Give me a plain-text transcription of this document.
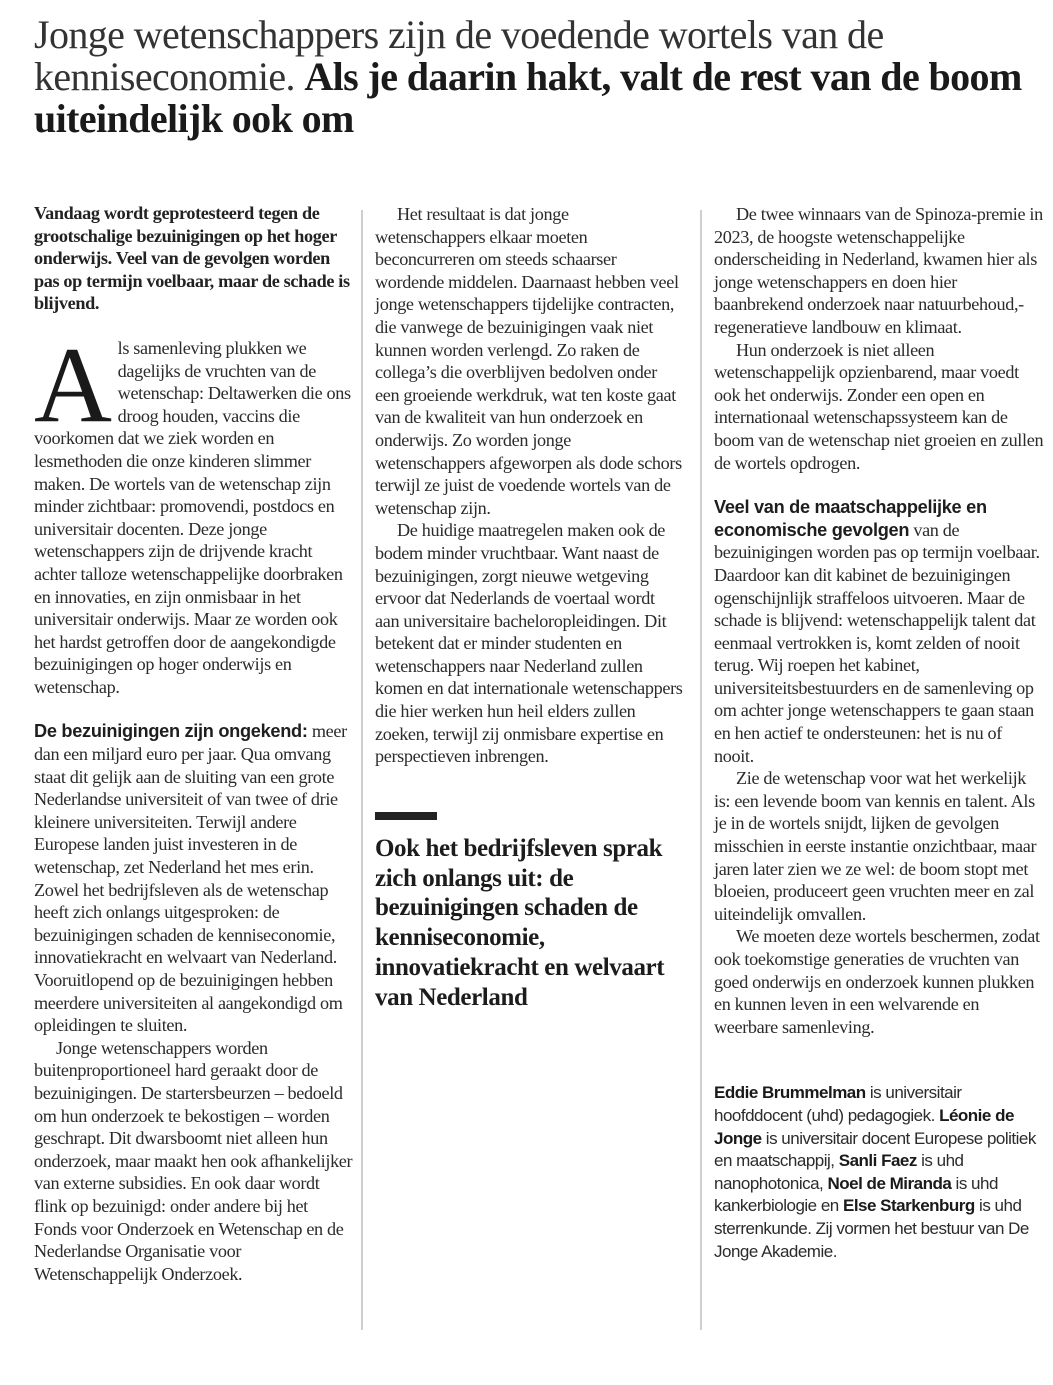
Jonge wetenschappers zijn de voedende wortels van de kenniseconomie. Als je daarin hakt, valt de rest van de boom uiteindelijk ook om

Vandaag wordt geprotesteerd tegen de grootschalige bezuinigingen op het hoger onderwijs. Veel van de gevolgen worden pas op termijn voelbaar, maar de schade is blijvend.

Als samenleving plukken we dagelijks de vruchten van de wetenschap: Deltawerken die ons droog houden, vaccins die voorkomen dat we ziek worden en lesmethoden die onze kinderen slimmer maken. De wortels van de wetenschap zijn minder zichtbaar: promovendi, postdocs en universitair docenten. Deze jonge wetenschappers zijn de drijvende kracht achter talloze wetenschappelijke doorbraken en innovaties, en zijn onmisbaar in het universitair onderwijs. Maar ze worden ook het hardst getroffen door de aangekondigde bezuinigingen op hoger onderwijs en wetenschap.

De bezuinigingen zijn ongekend: meer dan een miljard euro per jaar. Qua omvang staat dit gelijk aan de sluiting van een grote Nederlandse universiteit of van twee of drie kleinere universiteiten. Terwijl andere Europese landen juist investeren in de wetenschap, zet Nederland het mes erin. Zowel het bedrijfsleven als de wetenschap heeft zich onlangs uitgesproken: de bezuinigingen schaden de kenniseconomie, innovatiekracht en welvaart van Nederland. Vooruitlopend op de bezuinigingen hebben meerdere universiteiten al aangekondigd om opleidingen te sluiten.

Jonge wetenschappers worden buitenproportioneel hard geraakt door de bezuinigingen. De startersbeurzen – bedoeld om hun onderzoek te bekostigen – worden geschrapt. Dit dwarsboomt niet alleen hun onderzoek, maar maakt hen ook afhankelijker van externe subsidies. En ook daar wordt flink op bezuinigd: onder andere bij het Fonds voor Onderzoek en Wetenschap en de Nederlandse Organisatie voor Wetenschappelijk Onderzoek.

Het resultaat is dat jonge wetenschappers elkaar moeten beconcurreren om steeds schaarser wordende middelen. Daarnaast hebben veel jonge wetenschappers tijdelijke contracten, die vanwege de bezuinigingen vaak niet kunnen worden verlengd. Zo raken de collega’s die overblijven bedolven onder een groeiende werkdruk, wat ten koste gaat van de kwaliteit van hun onderzoek en onderwijs. Zo worden jonge wetenschappers afgeworpen als dode schors terwijl ze juist de voedende wortels van de wetenschap zijn.

De huidige maatregelen maken ook de bodem minder vruchtbaar. Want naast de bezuinigingen, zorgt nieuwe wetgeving ervoor dat Nederlands de voertaal wordt aan universitaire bacheloropleidingen. Dit betekent dat er minder studenten en wetenschappers naar Nederland zullen komen en dat internationale wetenschappers die hier werken hun heil elders zullen zoeken, terwijl zij onmisbare expertise en perspectieven inbrengen.

Ook het bedrijfsleven sprak zich onlangs uit: de bezuinigingen schaden de kenniseconomie, innovatiekracht en welvaart van Nederland

De twee winnaars van de Spinoza-premie in 2023, de hoogste wetenschappelijke onderscheiding in Nederland, kwamen hier als jonge wetenschappers en doen hier baanbrekend onderzoek naar natuurbehoud,-regeneratieve landbouw en klimaat.

Hun onderzoek is niet alleen wetenschappelijk opzienbarend, maar voedt ook het onderwijs. Zonder een open en internationaal wetenschapssysteem kan de boom van de wetenschap niet groeien en zullen de wortels opdrogen.

Veel van de maatschappelijke en economische gevolgen van de bezuinigingen worden pas op termijn voelbaar. Daardoor kan dit kabinet de bezuinigingen ogenschijnlijk straffeloos uitvoeren. Maar de schade is blijvend: wetenschappelijk talent dat eenmaal vertrokken is, komt zelden of nooit terug. Wij roepen het kabinet, universiteitsbestuurders en de samenleving op om achter jonge wetenschappers te gaan staan en hen actief te ondersteunen: het is nu of nooit.

Zie de wetenschap voor wat het werkelijk is: een levende boom van kennis en talent. Als je in de wortels snijdt, lijken de gevolgen misschien in eerste instantie onzichtbaar, maar jaren later zien we ze wel: de boom stopt met bloeien, produceert geen vruchten meer en zal uiteindelijk omvallen.

We moeten deze wortels beschermen, zodat ook toekomstige generaties de vruchten van goed onderwijs en onderzoek kunnen plukken en kunnen leven in een welvarende en weerbare samenleving.

Eddie Brummelman is universitair hoofddocent (uhd) pedagogiek. Léonie de Jonge is universitair docent Europese politiek en maatschappij, Sanli Faez is uhd nanophotonica, Noel de Miranda is uhd kankerbiologie en Else Starkenburg is uhd sterrenkunde. Zij vormen het bestuur van De Jonge Akademie.
